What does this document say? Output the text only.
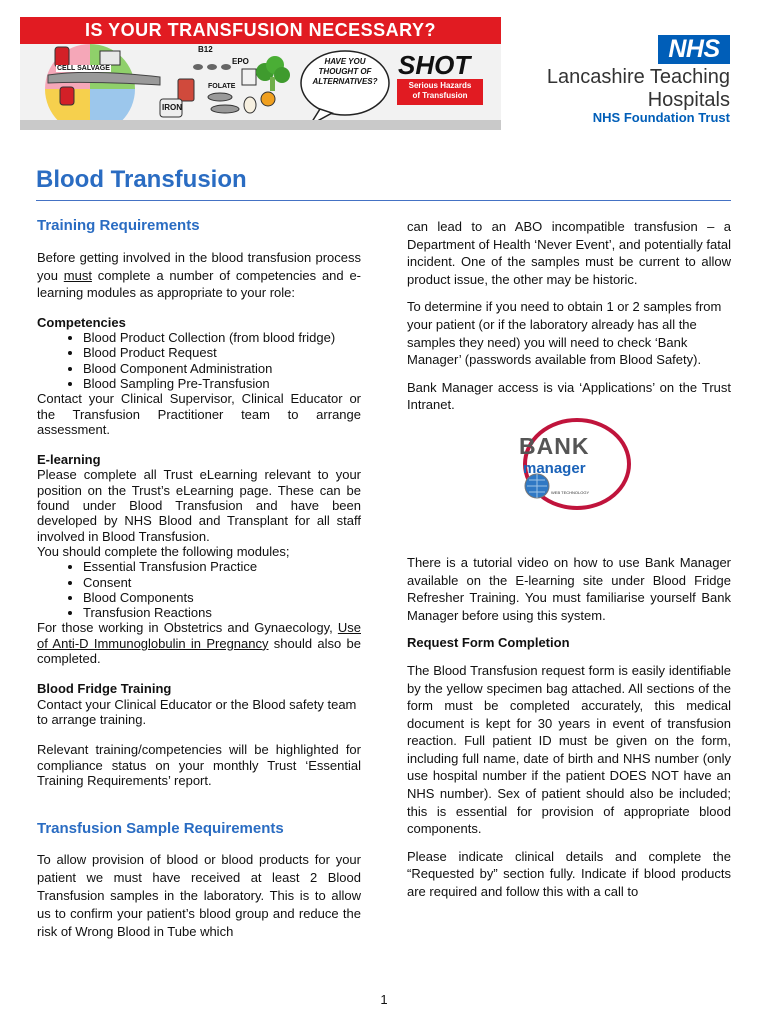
IS YOUR TRANSFUSION NECESSARY?
CELL SALVAGE
B12
EPO
FOLATE
IRON
HAVE YOU
THOUGHT OF
ALTERNATIVES?
SHOT
Serious Hazards
of Transfusion
NHS
Lancashire Teaching
Hospitals
NHS Foundation Trust
Blood Transfusion
Training Requirements

Before getting involved in the blood transfusion process you must complete a number of competencies and e-learning modules as appropriate to your role:

Competencies
• Blood Product Collection (from blood fridge)
• Blood Product Request
• Blood Component Administration
• Blood Sampling Pre-Transfusion

Contact your Clinical Supervisor, Clinical Educator or the Transfusion Practitioner team to arrange assessment.

E-learning

Please complete all Trust eLearning relevant to your position on the Trust’s eLearning page. These can be found under Blood Transfusion and have been developed by NHS Blood and Transplant for all staff involved in Blood Transfusion.

You should complete the following modules;

• Essential Transfusion Practice
• Consent
• Blood Components
• Transfusion Reactions

For those working in Obstetrics and Gynaecology, Use of Anti-D Immunoglobulin in Pregnancy should also be completed.

Blood Fridge Training

Contact your Clinical Educator or the Blood safety team to arrange training.

Relevant training/competencies will be highlighted for compliance status on your monthly Trust ‘Essential Training Requirements’ report.

Transfusion Sample Requirements

To allow provision of blood or blood products for your patient we must have received at least 2 Blood Transfusion samples in the laboratory. This is to allow us to confirm your patient’s blood group and reduce the risk of Wrong Blood in Tube which

can lead to an ABO incompatible transfusion – a Department of Health ‘Never Event’, and potentially fatal incident. One of the samples must be current to allow product issue, the other may be historic.

To determine if you need to obtain 1 or 2 samples from your patient (or if the laboratory already has all the samples they need) you will need to check ‘Bank Manager’ (passwords available from Blood Safety).

Bank Manager access is via ‘Applications’ on the Trust Intranet.

BANK
manager
WEB TECHNOLOGY

There is a tutorial video on how to use Bank Manager available on the E-learning site under Blood Fridge Refresher Training. You must familiarise yourself Bank Manager before using this system.

Request Form Completion

The Blood Transfusion request form is easily identifiable by the yellow specimen bag attached. All sections of the form must be completed accurately, this medical document is kept for 30 years in event of transfusion reaction. Full patient ID must be given on the form, including full name, date of birth and NHS number (only use hospital number if the patient DOES NOT have an NHS number). Sex of patient should also be included; this is essential for provision of appropriate blood components.

Please indicate clinical details and complete the “Requested by” section fully. Indicate if blood products are required and follow this with a call to

1
